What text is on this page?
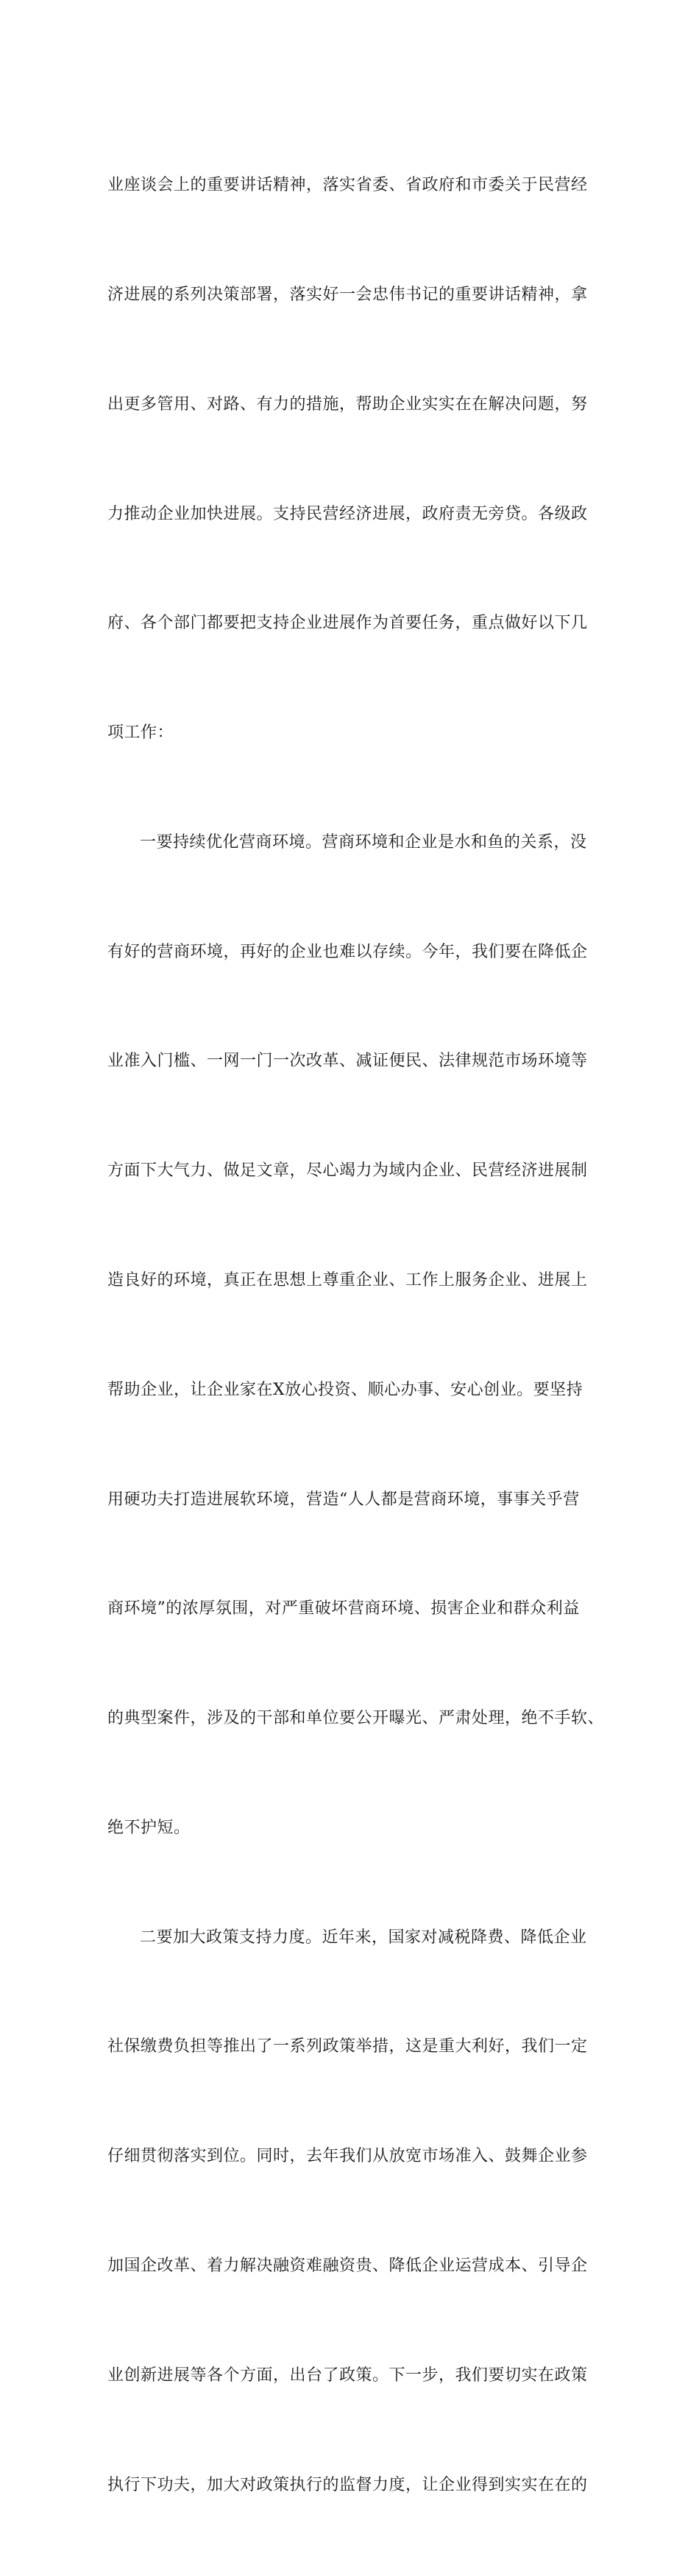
业座谈会上的重要讲话精神，落实省委、省政府和市委关于民营经

济进展的系列决策部署，落实好一会忠伟书记的重要讲话精神，拿

出更多管用、对路、有力的措施，帮助企业实实在在解决问题，努

力推动企业加快进展。支持民营经济进展，政府责无旁贷。各级政

府、各个部门都要把支持企业进展作为首要任务，重点做好以下几

项工作：

一要持续优化营商环境。营商环境和企业是水和鱼的关系，没

有好的营商环境，再好的企业也难以存续。今年，我们要在降低企

业准入门槛、一网一门一次改革、减证便民、法律规范市场环境等

方面下大气力、做足文章，尽心竭力为域内企业、民营经济进展制

造良好的环境，真正在思想上尊重企业、工作上服务企业、进展上

帮助企业，让企业家在X放心投资、顺心办事、安心创业。要坚持

用硬功夫打造进展软环境，营造“人人都是营商环境，事事关乎营

商环境”的浓厚氛围，对严重破坏营商环境、损害企业和群众利益

的典型案件，涉及的干部和单位要公开曝光、严肃处理，绝不手软、

绝不护短。

二要加大政策支持力度。近年来，国家对减税降费、降低企业

社保缴费负担等推出了一系列政策举措，这是重大利好，我们一定

仔细贯彻落实到位。同时，去年我们从放宽市场准入、鼓舞企业参

加国企改革、着力解决融资难融资贵、降低企业运营成本、引导企

业创新进展等各个方面，出台了政策。下一步，我们要切实在政策

执行下功夫，加大对政策执行的监督力度，让企业得到实实在在的
